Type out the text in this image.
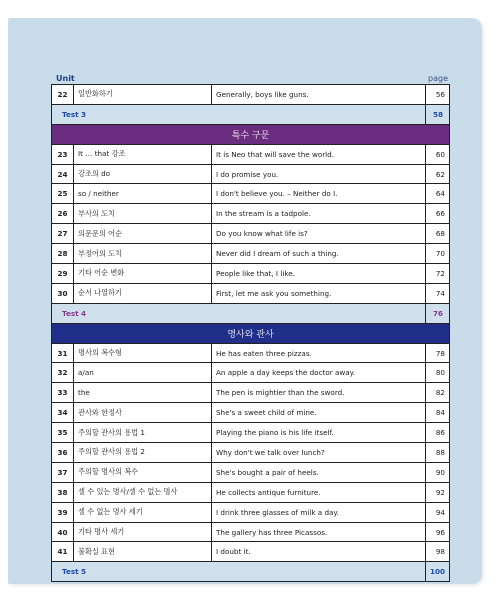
Unit	page
22	일반화하기	Generally, boys like guns.	56
Test 3			58
특수 구문			
23	It … that 강조	It is Neo that will save the world.	60
24	강조의 do	I do promise you.	62
25	so / neither	I don't believe you. – Neither do I.	64
26	부사의 도치	In the stream is a tadpole.	66
27	의문문의 어순	Do you know what life is?	68
28	부정어의 도치	Never did I dream of such a thing.	70
29	기타 어순 변화	People like that, I like.	72
30	순서 나열하기	First, let me ask you something.	74
Test 4			76
명사와 관사			
31	명사의 복수형	He has eaten three pizzas.	78
32	a/an	An apple a day keeps the doctor away.	80
33	the	The pen is mightier than the sword.	82
34	관사와 한정사	She's a sweet child of mine.	84
35	주의할 관사의 용법 1	Playing the piano is his life itself.	86
36	주의할 관사의 용법 2	Why don't we talk over lunch?	88
37	주의할 명사의 복수	She's bought a pair of heels.	90
38	셀 수 있는 명사/셀 수 없는 명사	He collects antique furniture.	92
39	셀 수 없는 명사 세기	I drink three glasses of milk a day.	94
40	기타 명사 세기	The gallery has three Picassos.	96
41	불확실 표현	I doubt it.	98
Test 5			100
